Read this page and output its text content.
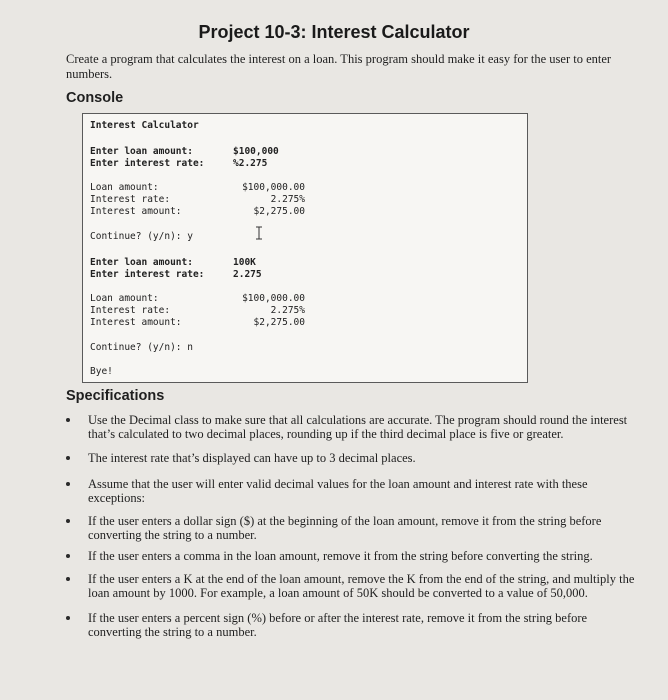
Project 10-3: Interest Calculator

Create a program that calculates the interest on a loan. This program should make it easy for the user to enter numbers.

Console
Interest Calculator
Enter loan amount:	$100,000
Enter interest rate:	%2.275
Loan amount:	$100,000.00
Interest rate:	2.275%
Interest amount:	$2,275.00
Continue? (y/n): y
Enter loan amount:	100K
Enter interest rate:	2.275
Loan amount:	$100,000.00
Interest rate:	2.275%
Interest amount:	$2,275.00
Continue? (y/n): n
Bye!
Specifications
Use the Decimal class to make sure that all calculations are accurate. The program should round the interest that’s calculated to two decimal places, rounding up if the third decimal place is five or greater.
The interest rate that’s displayed can have up to 3 decimal places.
Assume that the user will enter valid decimal values for the loan amount and interest rate with these exceptions:
If the user enters a dollar sign ($) at the beginning of the loan amount, remove it from the string before converting the string to a number.
If the user enters a comma in the loan amount, remove it from the string before converting the string.
If the user enters a K at the end of the loan amount, remove the K from the end of the string, and multiply the loan amount by 1000. For example, a loan amount of 50K should be converted to a value of 50,000.
If the user enters a percent sign (%) before or after the interest rate, remove it from the string before converting the string to a number.
